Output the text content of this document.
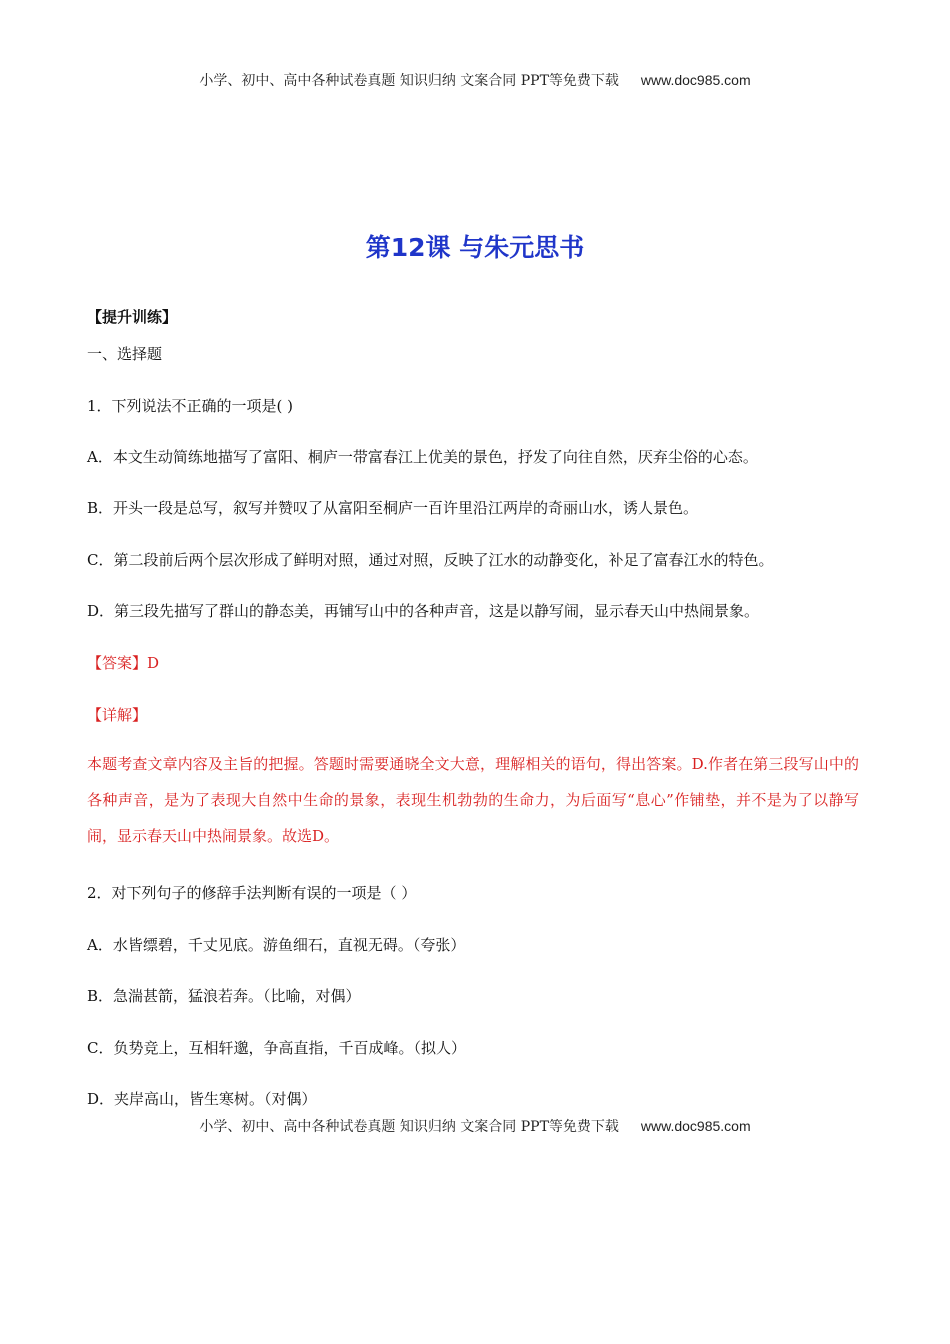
小学、初中、高中各种试卷真题 知识归纳 文案合同 PPT等免费下载 www.doc985.com
第12课 与朱元思书
【提升训练】
一、选择题
1．下列说法不正确的一项是( )
A．本文生动简练地描写了富阳、桐庐一带富春江上优美的景色，抒发了向往自然，厌弃尘俗的心态。
B．开头一段是总写，叙写并赞叹了从富阳至桐庐一百许里沿江两岸的奇丽山水，诱人景色。
C．第二段前后两个层次形成了鲜明对照，通过对照，反映了江水的动静变化，补足了富春江水的特色。
D．第三段先描写了群山的静态美，再铺写山中的各种声音，这是以静写闹，显示春天山中热闹景象。
【答案】D
【详解】
本题考查文章内容及主旨的把握。答题时需要通晓全文大意，理解相关的语句，得出答案。D.作者在第三段写山中的各种声音，是为了表现大自然中生命的景象，表现生机勃勃的生命力，为后面写“息心”作铺垫，并不是为了以静写闹，显示春天山中热闹景象。故选D。
2．对下列句子的修辞手法判断有误的一项是（ ）
A．水皆缥碧，千丈见底。游鱼细石，直视无碍。（夸张）
B．急湍甚箭，猛浪若奔。（比喻，对偶）
C．负势竞上，互相轩邈，争高直指，千百成峰。（拟人）
D．夹岸高山，皆生寒树。（对偶）
小学、初中、高中各种试卷真题 知识归纳 文案合同 PPT等免费下载 www.doc985.com
